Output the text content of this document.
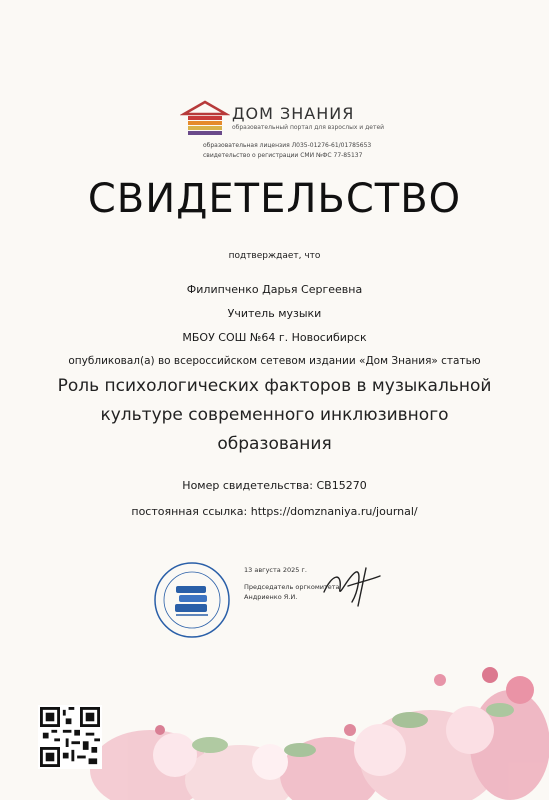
ДОМ ЗНАНИЯ
образовательный портал для взрослых и детей
образовательная лицензия Л035-01276-61/01785653
свидетельство о регистрации СМИ №ФС 77-85137
СВИДЕТЕЛЬСТВО
подтверждает, что
Филипченко Дарья Сергеевна
Учитель музыки
МБОУ СОШ №64 г. Новосибирск
опубликовал(а) во всероссийском сетевом издании «Дом Знания» статью
Роль психологических факторов в музыкальной
культуре современного инклюзивного
образования
Номер свидетельства: СВ15270
постоянная ссылка: https://domznaniya.ru/journal/
13 августа 2025 г.
Председатель оргкомитета
Андриенко Я.И.
